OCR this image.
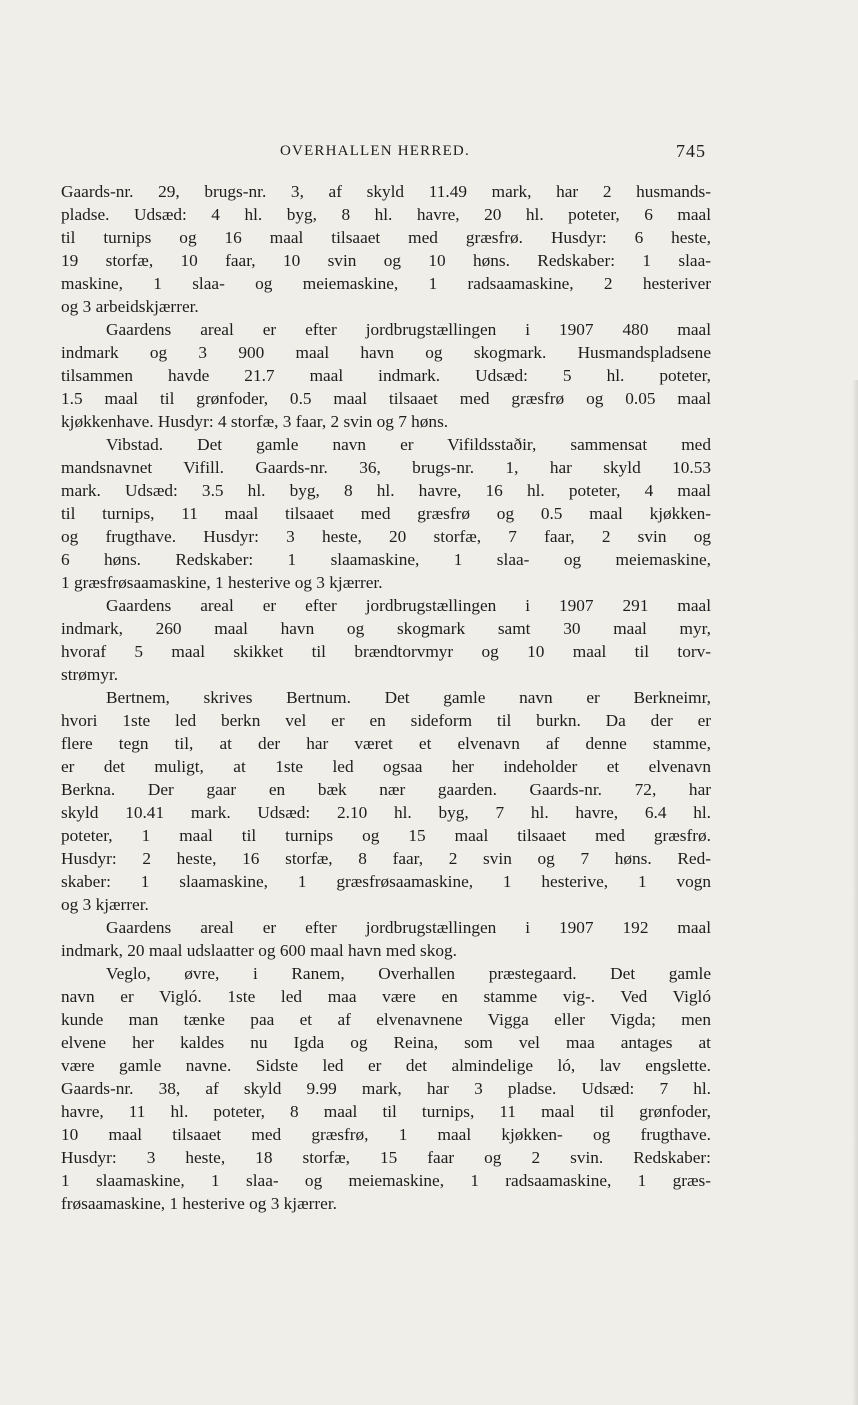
OVERHALLEN HERRED.	745
Gaards-nr. 29, brugs-nr. 3, af skyld 11.49 mark, har 2 husmands-
pladse. Udsæd: 4 hl. byg, 8 hl. havre, 20 hl. poteter, 6 maal
til turnips og 16 maal tilsaaet med græsfrø. Husdyr: 6 heste,
19 storfæ, 10 faar, 10 svin og 10 høns. Redskaber: 1 slaa-
maskine, 1 slaa- og meiemaskine, 1 radsaamaskine, 2 hesteriver
og 3 arbeidskjærrer.
Gaardens areal er efter jordbrugstællingen i 1907 480 maal
indmark og 3 900 maal havn og skogmark. Husmandspladsene
tilsammen havde 21.7 maal indmark. Udsæd: 5 hl. poteter,
1.5 maal til grønfoder, 0.5 maal tilsaaet med græsfrø og 0.05 maal
kjøkkenhave. Husdyr: 4 storfæ, 3 faar, 2 svin og 7 høns.
Vibstad. Det gamle navn er Vifildsstaðir, sammensat med
mandsnavnet Vifill. Gaards-nr. 36, brugs-nr. 1, har skyld 10.53
mark. Udsæd: 3.5 hl. byg, 8 hl. havre, 16 hl. poteter, 4 maal
til turnips, 11 maal tilsaaet med græsfrø og 0.5 maal kjøkken-
og frugthave. Husdyr: 3 heste, 20 storfæ, 7 faar, 2 svin og
6 høns. Redskaber: 1 slaamaskine, 1 slaa- og meiemaskine,
1 græsfrøsaamaskine, 1 hesterive og 3 kjærrer.
Gaardens areal er efter jordbrugstællingen i 1907 291 maal
indmark, 260 maal havn og skogmark samt 30 maal myr,
hvoraf 5 maal skikket til brændtorvmyr og 10 maal til torv-
strømyr.
Bertnem, skrives Bertnum. Det gamle navn er Berkneimr,
hvori 1ste led berkn vel er en sideform til burkn. Da der er
flere tegn til, at der har været et elvenavn af denne stamme,
er det muligt, at 1ste led ogsaa her indeholder et elvenavn
Berkna. Der gaar en bæk nær gaarden. Gaards-nr. 72, har
skyld 10.41 mark. Udsæd: 2.10 hl. byg, 7 hl. havre, 6.4 hl.
poteter, 1 maal til turnips og 15 maal tilsaaet med græsfrø.
Husdyr: 2 heste, 16 storfæ, 8 faar, 2 svin og 7 høns. Red-
skaber: 1 slaamaskine, 1 græsfrøsaamaskine, 1 hesterive, 1 vogn
og 3 kjærrer.
Gaardens areal er efter jordbrugstællingen i 1907 192 maal
indmark, 20 maal udslaatter og 600 maal havn med skog.
Veglo, øvre, i Ranem, Overhallen præstegaard. Det gamle
navn er Vigló. 1ste led maa være en stamme vig-. Ved Vigló
kunde man tænke paa et af elvenavnene Vigga eller Vigda; men
elvene her kaldes nu Igda og Reina, som vel maa antages at
være gamle navne. Sidste led er det almindelige ló, lav engslette.
Gaards-nr. 38, af skyld 9.99 mark, har 3 pladse. Udsæd: 7 hl.
havre, 11 hl. poteter, 8 maal til turnips, 11 maal til grønfoder,
10 maal tilsaaet med græsfrø, 1 maal kjøkken- og frugthave.
Husdyr: 3 heste, 18 storfæ, 15 faar og 2 svin. Redskaber:
1 slaamaskine, 1 slaa- og meiemaskine, 1 radsaamaskine, 1 græs-
frøsaamaskine, 1 hesterive og 3 kjærrer.
